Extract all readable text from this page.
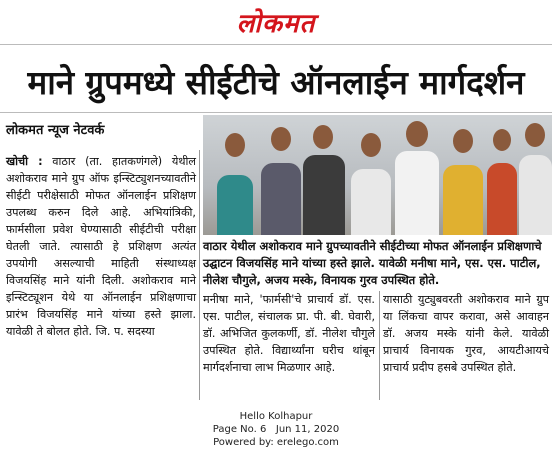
लोकमत
माने ग्रुपमध्ये सीईटीचे ऑनलाईन मार्गदर्शन
लोकमत न्यूज नेटवर्क
वाठार येथील अशोकराव माने ग्रुपच्यावतीने सीईटीच्या मोफत ऑनलाईन प्रशिक्षणाचे उद्घाटन विजयसिंह माने यांच्या हस्ते झाले. यावेळी मनीषा माने, एस. एस. पाटील, नीलेश चौगुले, अजय मस्के, विनायक गुरव उपस्थित होते.
खोची : वाठार (ता. हातकणंगले) येथील अशोकराव माने ग्रुप ऑफ इन्स्टिट्युशनच्यावतीने सीईटी परीक्षेसाठी मोफत ऑनलाईन प्रशिक्षण उपलब्ध करुन दिले आहे. अभियांत्रिकी, फार्मसीला प्रवेश घेण्यासाठी सीईटीची परीक्षा घेतली जाते. त्यासाठी हे प्रशिक्षण अत्यंत उपयोगी असल्याची माहिती संस्थाध्यक्ष विजयसिंह माने यांनी दिली. अशोकराव माने इन्स्टिट्यूशन येथे या ऑनलाईन प्रशिक्षणाचा प्रारंभ विजयसिंह माने यांच्या हस्ते झाला. यावेळी ते बोलत होते. जि. प. सदस्या
मनीषा माने, 'फार्मसी'चे प्राचार्य डॉ. एस. एस. पाटील, संचालक प्रा. पी. बी. घेवारी, डॉ. अभिजित कुलकर्णी, डॉ. नीलेश चौगुले उपस्थित होते. विद्यार्थ्यांना घरीच थांबून मार्गदर्शनाचा लाभ मिळणार आहे.
यासाठी युट्युबवरती अशोकराव माने ग्रुप या लिंकचा वापर करावा, असे आवाहन डॉ. अजय मस्के यांनी केले. यावेळी प्राचार्य विनायक गुरव, आयटीआयचे प्राचार्य प्रदीप हसबे उपस्थित होते.
Hello Kolhapur
Page No. 6   Jun 11, 2020
Powered by: erelego.com
